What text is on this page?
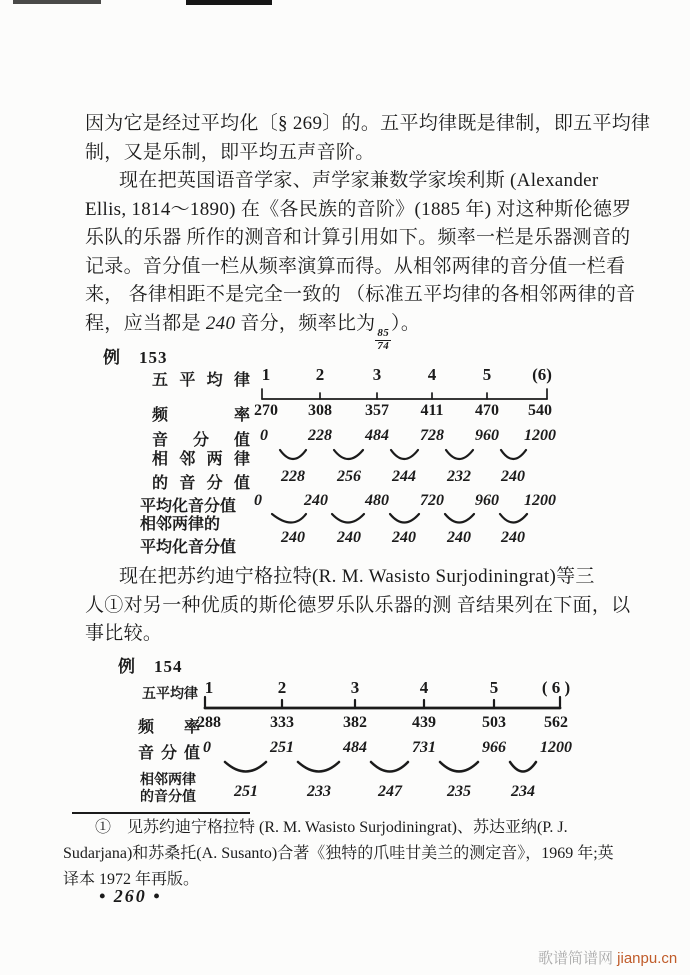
因为它是经过平均化〔§ 269〕的。五平均律既是律制，即五平均律
制，又是乐制，即平均五声音阶。
现在把英国语音学家、声学家兼数学家埃利斯 (Alexander
Ellis, 1814～1890) 在《各民族的音阶》(1885 年) 对这种斯伦德罗
乐队的乐器 所作的测音和计算引用如下。频率一栏是乐器测音的
记录。音分值一栏从频率演算而得。从相邻两律的音分值一栏看
来， 各律相距不是完全一致的 （标准五平均律的各相邻两律的音
程，应当都是 240 音分，频率比为
$\frac{85}{74}$
）。
例　153
五平均律 1	2	3	4	5 (6)
频率 270 308 357 411 470 540
音分值 0	228 484 728 960 1200
相邻两律
的音分值 228 256 244 232 240
平均化音分值 0	240 480 720 960 1200
相邻两律的
平均化音分值
240 240 240 240 240
现在把苏约迪宁格拉特(R. M. Wasisto Surjodiningrat)等三
人①对另一种优质的斯伦德罗乐队乐器的测 音结果列在下面，以
事比较。
例　154
五平均律 1	2	3	4	5	( 6 )
频率
288	333	382	439	503 562
音分值 0	251	484	731	966 1200
相邻两律
的音分值 251	233	247	235	234
①　见苏约迪宁格拉特 (R. M. Wasisto Surjodiningrat)、苏达亚纳(P. J.
Sudarjana)和苏桑托(A. Susanto)合著《独特的爪哇甘美兰的测定音》，1969 年;英
译本 1972 年再版。
• 260 •
歌谱简谱网 jianpu.cn
